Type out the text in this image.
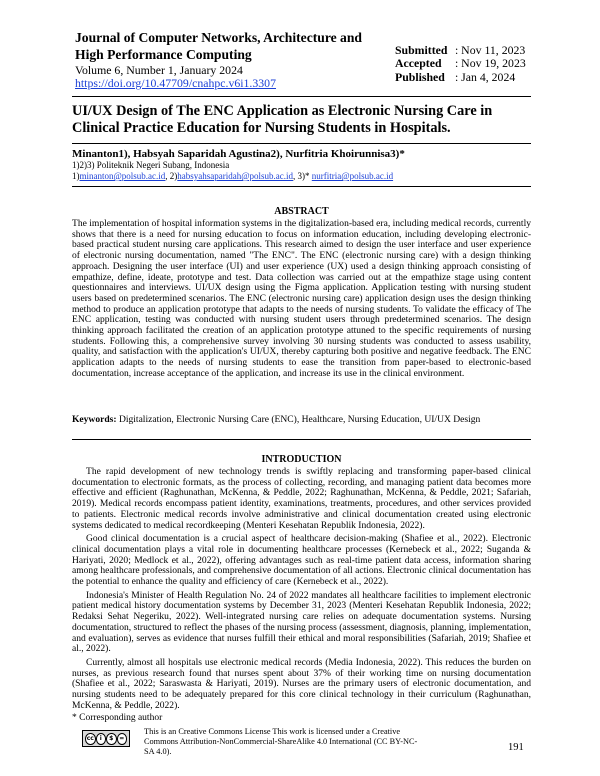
Journal of Computer Networks, Architecture and High Performance Computing
Volume 6, Number 1, January 2024
https://doi.org/10.47709/cnahpc.v6i1.3307
Submitted : Nov 11, 2023
Accepted : Nov 19, 2023
Published : Jan 4, 2024
UI/UX Design of The ENC Application as Electronic Nursing Care in Clinical Practice Education for Nursing Students in Hospitals.
Minanton1), Habsyah Saparidah Agustina2), Nurfitria Khoirunnisa3)*
1)2)3) Politeknik Negeri Subang, Indonesia
1)minanton@polsub.ac.id, 2)habsyahsaparidah@polsub.ac.id, 3)* nurfitria@polsub.ac.id
ABSTRACT
The implementation of hospital information systems in the digitalization-based era, including medical records, currently shows that there is a need for nursing education to focus on information education, including developing electronic-based practical student nursing care applications. This research aimed to design the user interface and user experience of electronic nursing documentation, named "The ENC". The ENC (electronic nursing care) with a design thinking approach. Designing the user interface (UI) and user experience (UX) used a design thinking approach consisting of empathize, define, ideate, prototype and test. Data collection was carried out at the empathize stage using content questionnaires and interviews. UI/UX design using the Figma application. Application testing with nursing student users based on predetermined scenarios. The ENC (electronic nursing care) application design uses the design thinking method to produce an application prototype that adapts to the needs of nursing students. To validate the efficacy of The ENC application, testing was conducted with nursing student users through predetermined scenarios. The design thinking approach facilitated the creation of an application prototype attuned to the specific requirements of nursing students. Following this, a comprehensive survey involving 30 nursing students was conducted to assess usability, quality, and satisfaction with the application's UI/UX, thereby capturing both positive and negative feedback. The ENC application adapts to the needs of nursing students to ease the transition from paper-based to electronic-based documentation, increase acceptance of the application, and increase its use in the clinical environment.
Keywords: Digitalization, Electronic Nursing Care (ENC), Healthcare, Nursing Education, UI/UX Design
INTRODUCTION

The rapid development of new technology trends is swiftly replacing and transforming paper-based clinical documentation to electronic formats, as the process of collecting, recording, and managing patient data becomes more effective and efficient (Raghunathan, McKenna, & Peddle, 2022; Raghunathan, McKenna, & Peddle, 2021; Safariah, 2019). Medical records encompass patient identity, examinations, treatments, procedures, and other services provided to patients. Electronic medical records involve administrative and clinical documentation created using electronic systems dedicated to medical recordkeeping (Menteri Kesehatan Republik Indonesia, 2022).

Good clinical documentation is a crucial aspect of healthcare decision-making (Shafiee et al., 2022). Electronic clinical documentation plays a vital role in documenting healthcare processes (Kernebeck et al., 2022; Suganda & Hariyati, 2020; Medlock et al., 2022), offering advantages such as real-time patient data access, information sharing among healthcare professionals, and comprehensive documentation of all actions. Electronic clinical documentation has the potential to enhance the quality and efficiency of care (Kernebeck et al., 2022).

Indonesia's Minister of Health Regulation No. 24 of 2022 mandates all healthcare facilities to implement electronic patient medical history documentation systems by December 31, 2023 (Menteri Kesehatan Republik Indonesia, 2022; Redaksi Sehat Negeriku, 2022). Well-integrated nursing care relies on adequate documentation systems. Nursing documentation, structured to reflect the phases of the nursing process (assessment, diagnosis, planning, implementation, and evaluation), serves as evidence that nurses fulfill their ethical and moral responsibilities (Safariah, 2019; Shafiee et al., 2022).

Currently, almost all hospitals use electronic medical records (Media Indonesia, 2022). This reduces the burden on nurses, as previous research found that nurses spent about 37% of their working time on nursing documentation (Shafiee et al., 2022; Saraswasta & Hariyati, 2019). Nurses are the primary users of electronic documentation, and nursing students need to be adequately prepared for this core clinical technology in their curriculum (Raghunathan, McKenna, & Peddle, 2022).

* Corresponding author
cc i	$ =
This is an Creative Commons License This work is licensed under a Creative Commons Attribution-NonCommercial-ShareAlike 4.0 International (CC BY-NC-SA 4.0).	191
